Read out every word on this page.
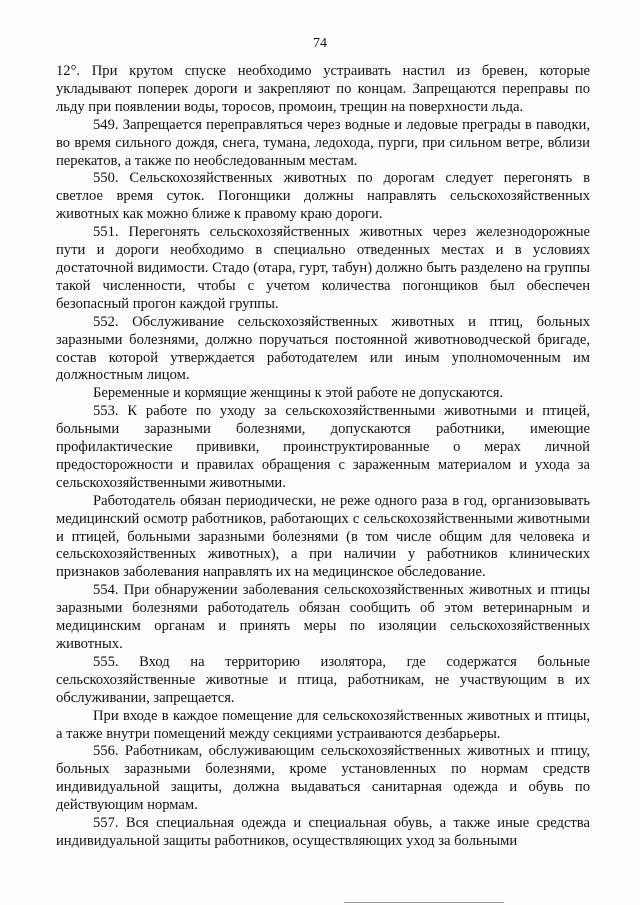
74

12°. При крутом спуске необходимо устраивать настил из бревен, которые укладывают поперек дороги и закрепляют по концам. Запрещаются переправы по льду при появлении воды, торосов, промоин, трещин на поверхности льда.

549. Запрещается переправляться через водные и ледовые преграды в паводки, во время сильного дождя, снега, тумана, ледохода, пурги, при сильном ветре, вблизи перекатов, а также по необследованным местам.

550. Сельскохозяйственных животных по дорогам следует перегонять в светлое время суток. Погонщики должны направлять сельскохозяйственных животных как можно ближе к правому краю дороги.

551. Перегонять сельскохозяйственных животных через железнодорожные пути и дороги необходимо в специально отведенных местах и в условиях достаточной видимости. Стадо (отара, гурт, табун) должно быть разделено на группы такой численности, чтобы с учетом количества погонщиков был обеспечен безопасный прогон каждой группы.

552. Обслуживание сельскохозяйственных животных и птиц, больных заразными болезнями, должно поручаться постоянной животноводческой бригаде, состав которой утверждается работодателем или иным уполномоченным им должностным лицом.

Беременные и кормящие женщины к этой работе не допускаются.

553. К работе по уходу за сельскохозяйственными животными и птицей, больными заразными болезнями, допускаются работники, имеющие профилактические прививки, проинструктированные о мерах личной предосторожности и правилах обращения с зараженным материалом и ухода за сельскохозяйственными животными.

Работодатель обязан периодически, не реже одного раза в год, организовывать медицинский осмотр работников, работающих с сельскохозяйственными животными и птицей, больными заразными болезнями (в том числе общим для человека и сельскохозяйственных животных), а при наличии у работников клинических признаков заболевания направлять их на медицинское обследование.

554. При обнаружении заболевания сельскохозяйственных животных и птицы заразными болезнями работодатель обязан сообщить об этом ветеринарным и медицинским органам и принять меры по изоляции сельскохозяйственных животных.

555. Вход на территорию изолятора, где содержатся больные сельскохозяйственные животные и птица, работникам, не участвующим в их обслуживании, запрещается.

При входе в каждое помещение для сельскохозяйственных животных и птицы, а также внутри помещений между секциями устраиваются дезбарьеры.

556. Работникам, обслуживающим сельскохозяйственных животных и птицу, больных заразными болезнями, кроме установленных по нормам средств индивидуальной защиты, должна выдаваться санитарная одежда и обувь по действующим нормам.

557. Вся специальная одежда и специальная обувь, а также иные средства индивидуальной защиты работников, осуществляющих уход за больными
